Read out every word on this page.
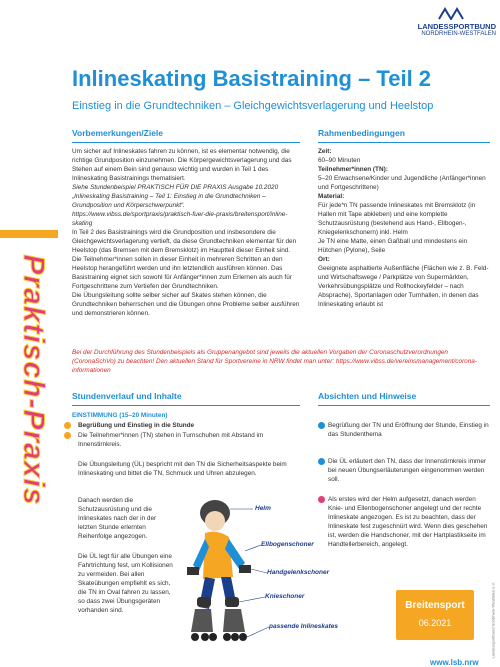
LANDESSPORTBUND
NORDRHEIN-WESTFALEN
Inlineskating Basistraining – Teil 2
Einstieg in die Grundtechniken – Gleichgewichtsverlagerung und Heelstop
Praktisch-Praxis
Vorbemerkungen/Ziele	Rahmenbedingungen

Um sicher auf Inlineskates fahren zu können, ist es elementar notwendig, die richtige Grundposition einzunehmen. Die Körpergewichtsverlagerung und das Stehen auf einem Bein sind genauso wichtig und wurden in Teil 1 des Inlineskating Basistrainings thematisiert.

Siehe Stundenbeispiel PRAKTISCH FÜR DIE PRAXIS Ausgabe 10.2020 „Inlineskating Basistraining – Teil 1: Einstieg in die Grundtechniken – Grundposition und Körperschwerpunkt“. https://www.vibss.de/sportpraxis/praktisch-fuer-die-praxis/breitensport/inline-skating

In Teil 2 des Basistrainings wird die Grundposition und insbesondere die Gleichgewichtsverlagerung vertieft, da diese Grundtechniken elementar für den Heelstop (das Bremsen mit dem Bremsklotz) im Hauptteil dieser Einheit sind. Die Teilnehmer*innen sollen in dieser Einheit in mehreren Schritten an den Heelstop herangeführt werden und ihn letztendlich ausführen können. Das Basistraining eignet sich sowohl für Anfänger*innen zum Erlernen als auch für Fortgeschrittene zum Vertiefen der Grundtechniken.

Die Übungsleitung sollte selber sicher auf Skates stehen können, die Grundtechniken beherrschen und die Übungen ohne Probleme selber ausführen und demonstrieren können.

Zeit:

60–90 Minuten

Teilnehmer*innen (TN):

5–20 Erwachsene/Kinder und Jugendliche (Anfänger*innen und Fortgeschrittene)

Material:

Für jede*n TN passende Inlineskates mit Bremsklotz (in Hallen mit Tape abkleben) und eine komplette Schutzausrüstung (bestehend aus Hand-, Ellbogen-, Kniegelenkschonern) inkl. Helm

Je TN eine Matte, einen Gaßball und mindestens ein Hütchen (Pylone), Seile

Ort:

Geeignete asphaltierte Außenfläche (Flächen wie z. B. Feld- und Wirtschaftswege / Parkplätze von Supermärkten, Verkehrsübungsplätze und Rollhockeyfelder – nach Absprache), Sportanlagen oder Turnhallen, in denen das Inlineskating erlaubt ist

Bei der Durchführung des Stundenbeispiels als Gruppenangebot sind jeweils die aktuellen Vorgaben der Coronaschutzverordnungen (CoronaSchVo) zu beachten! Den aktuellen Stand für Sportvereine in NRW findet man unter: https://www.vibss.de/vereinsmanagement/corona-informationen
Stundenverlauf und Inhalte	Absichten und Hinweise
EINSTIMMUNG (15–20 Minuten)
Begrüßung und Einstieg in die Stunde
Die Teilnehmer*innen (TN) stehen in Turnschuhen mit Abstand im Innenstirnkreis.
Die Übungsleitung (ÜL) bespricht mit den TN die Sicherheitsaspekte beim Inlineskating und bittet die TN, Schmuck und Uhren abzulegen.
Danach werden die Schutzausrüstung und die Inlineskates nach der in der letzten Stunde erlernten Reihenfolge angezogen.
Die ÜL legt für alle Übungen eine Fahrtrichtung fest, um Kollisionen zu vermeiden. Bei allen Skateübungen empfiehlt es sich, die TN im Oval fahren zu lassen, so dass zwei Übungsgeräten vorhanden sind.
Begrüßung der TN und Eröffnung der Stunde, Einstieg in das Stundenthema
Die ÜL erläutert den TN, dass der Innenstirnkreis immer bei neuen Übungserläuterungen eingenommen werden soll.
Als erstes wird der Helm aufgesetzt, danach werden Knie- und Ellenbogenschoner angelegt und der rechte Inlineskate angezogen. Es ist zu beachten, dass der Inlineskate fest zugeschnürt wird. Wenn dies geschehen ist, werden die Handschoner, mit der Hartplastikseite im Handtellerbereich, angelegt.
Helm
Ellbogenschoner
Handgelenkschoner
Knieschoner
passende Inlineskates
Breitensport
06.2021	Landessportbund Nordrhein-Westfalen e.V.
www.lsb.nrw
